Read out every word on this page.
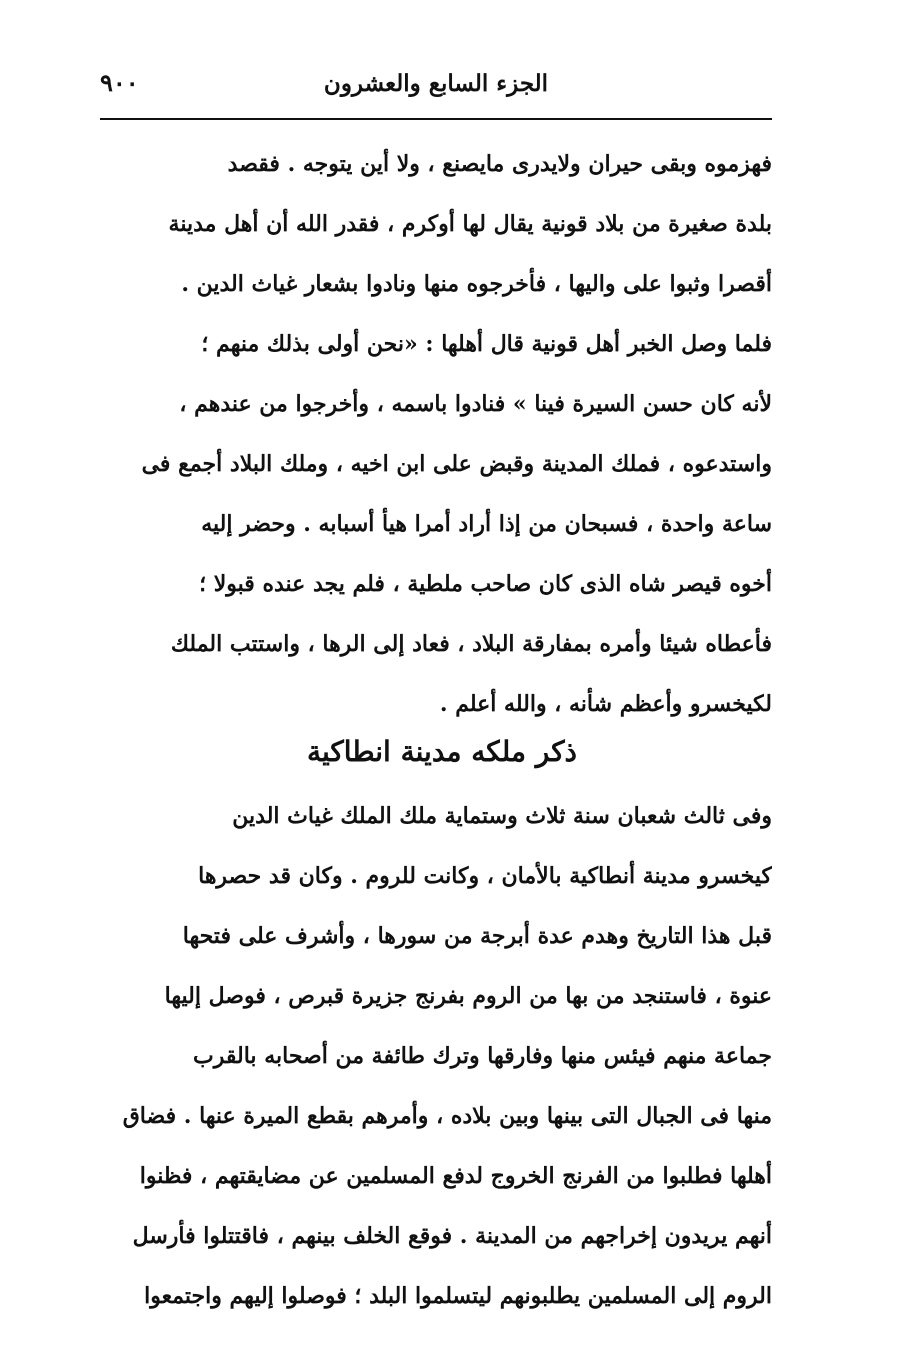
٩٠٠	الجزء السابع والعشرون
فهزموه وبقى حيران ولايدرى مايصنع ، ولا أين يتوجه . فقصد
بلدة صغيرة من بلاد قونية يقال لها أوكرم ، فقدر الله أن أهل مدينة
أقصرا وثبوا على واليها ، فأخرجوه منها ونادوا بشعار غياث الدين .
فلما وصل الخبر أهل قونية قال أهلها : «نحن أولى بذلك منهم ؛
لأنه كان حسن السيرة فينا » فنادوا باسمه ، وأخرجوا من عندهم ،
واستدعوه ، فملك المدينة وقبض على ابن اخيه ، وملك البلاد أجمع فى
ساعة واحدة ، فسبحان من إذا أراد أمرا هيأ أسبابه . وحضر إليه
أخوه قيصر شاه الذى كان صاحب ملطية ، فلم يجد عنده قبولا ؛
فأعطاه شيئا وأمره بمفارقة البلاد ، فعاد إلى الرها ، واستتب الملك
لكيخسرو وأعظم شأنه ، والله أعلم .
ذكر ملكه مدينة انطاكية
وفى ثالث شعبان سنة ثلاث وستماية ملك الملك غياث الدين
كيخسرو مدينة أنطاكية بالأمان ، وكانت للروم . وكان قد حصرها
قبل هذا التاريخ وهدم عدة أبرجة من سورها ، وأشرف على فتحها
عنوة ، فاستنجد من بها من الروم بفرنج جزيرة قبرص ، فوصل إليها
جماعة منهم فيئس منها وفارقها وترك طائفة من أصحابه بالقرب
منها فى الجبال التى بينها وبين بلاده ، وأمرهم بقطع الميرة عنها . فضاق
أهلها فطلبوا من الفرنج الخروج لدفع المسلمين عن مضايقتهم ، فظنوا
أنهم يريدون إخراجهم من المدينة . فوقع الخلف بينهم ، فاقتتلوا فأرسل
الروم إلى المسلمين يطلبونهم ليتسلموا البلد ؛ فوصلوا إليهم واجتمعوا
